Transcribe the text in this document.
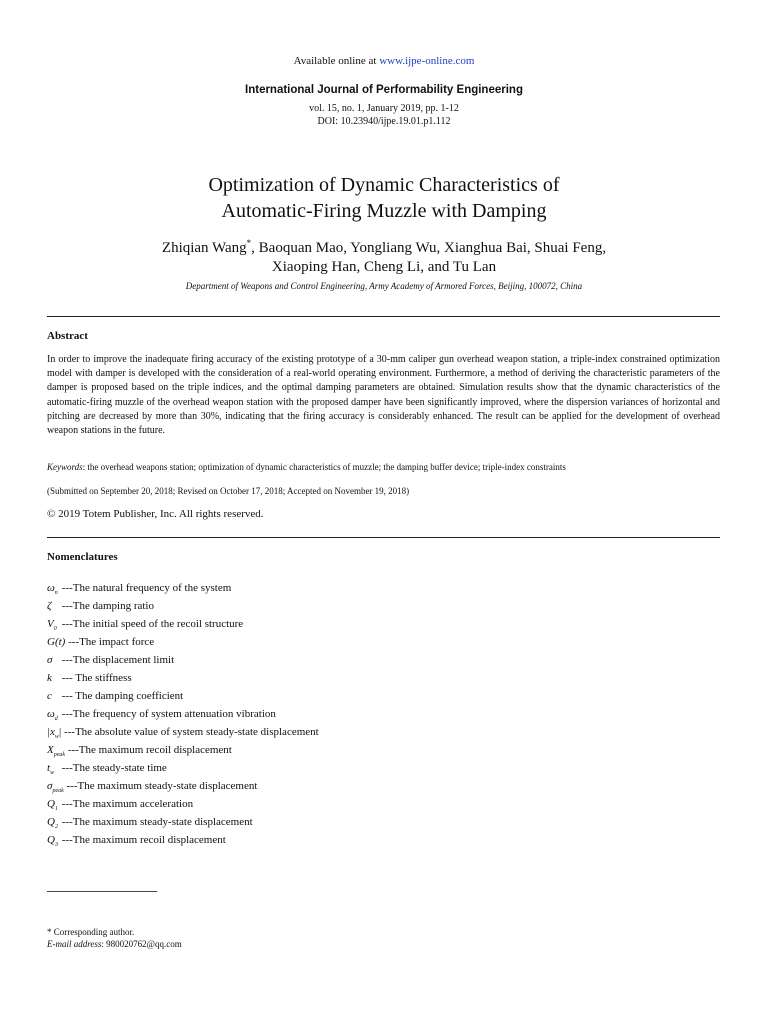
Available online at www.ijpe-online.com
International Journal of Performability Engineering
vol. 15, no. 1, January 2019, pp. 1-12
DOI: 10.23940/ijpe.19.01.p1.112
Optimization of Dynamic Characteristics of
Automatic-Firing Muzzle with Damping
Zhiqian Wang*, Baoquan Mao, Yongliang Wu, Xianghua Bai, Shuai Feng,
Xiaoping Han, Cheng Li, and Tu Lan
Department of Weapons and Control Engineering, Army Academy of Armored Forces, Beijing, 100072, China
Abstract
In order to improve the inadequate firing accuracy of the existing prototype of a 30-mm caliper gun overhead weapon station, a triple-index constrained optimization model with damper is developed with the consideration of a real-world operating environment. Furthermore, a method of deriving the characteristic parameters of the damper is proposed based on the triple indices, and the optimal damping parameters are obtained. Simulation results show that the dynamic characteristics of the automatic-firing muzzle of the overhead weapon station with the proposed damper have been significantly improved, where the dispersion variances of horizontal and pitching are decreased by more than 30%, indicating that the firing accuracy is considerably enhanced. The result can be applied for the development of overhead weapon stations in the future.
Keywords: the overhead weapons station; optimization of dynamic characteristics of muzzle; the damping buffer device; triple-index constraints
(Submitted on September 20, 2018; Revised on October 17, 2018; Accepted on November 19, 2018)
© 2019 Totem Publisher, Inc. All rights reserved.
Nomenclatures
$\omega_n$ ---The natural frequency of the system
ζ ---The damping ratio
$V_0$ ---The initial speed of the recoil structure
G(t) ---The impact force
σ ---The displacement limit
k --- The stiffness
c --- The damping coefficient
$\omega_d$ ---The frequency of system attenuation vibration
$|x_w|$ ---The absolute value of system steady-state displacement
$X_{peak}$ ---The maximum recoil displacement
$t_w$ ---The steady-state time
$\sigma_{peak}$ ---The maximum steady-state displacement
$Q_1$ ---The maximum acceleration
$Q_2$ ---The maximum steady-state displacement
$Q_3$ ---The maximum recoil displacement
* Corresponding author.
E-mail address: 980020762@qq.com
